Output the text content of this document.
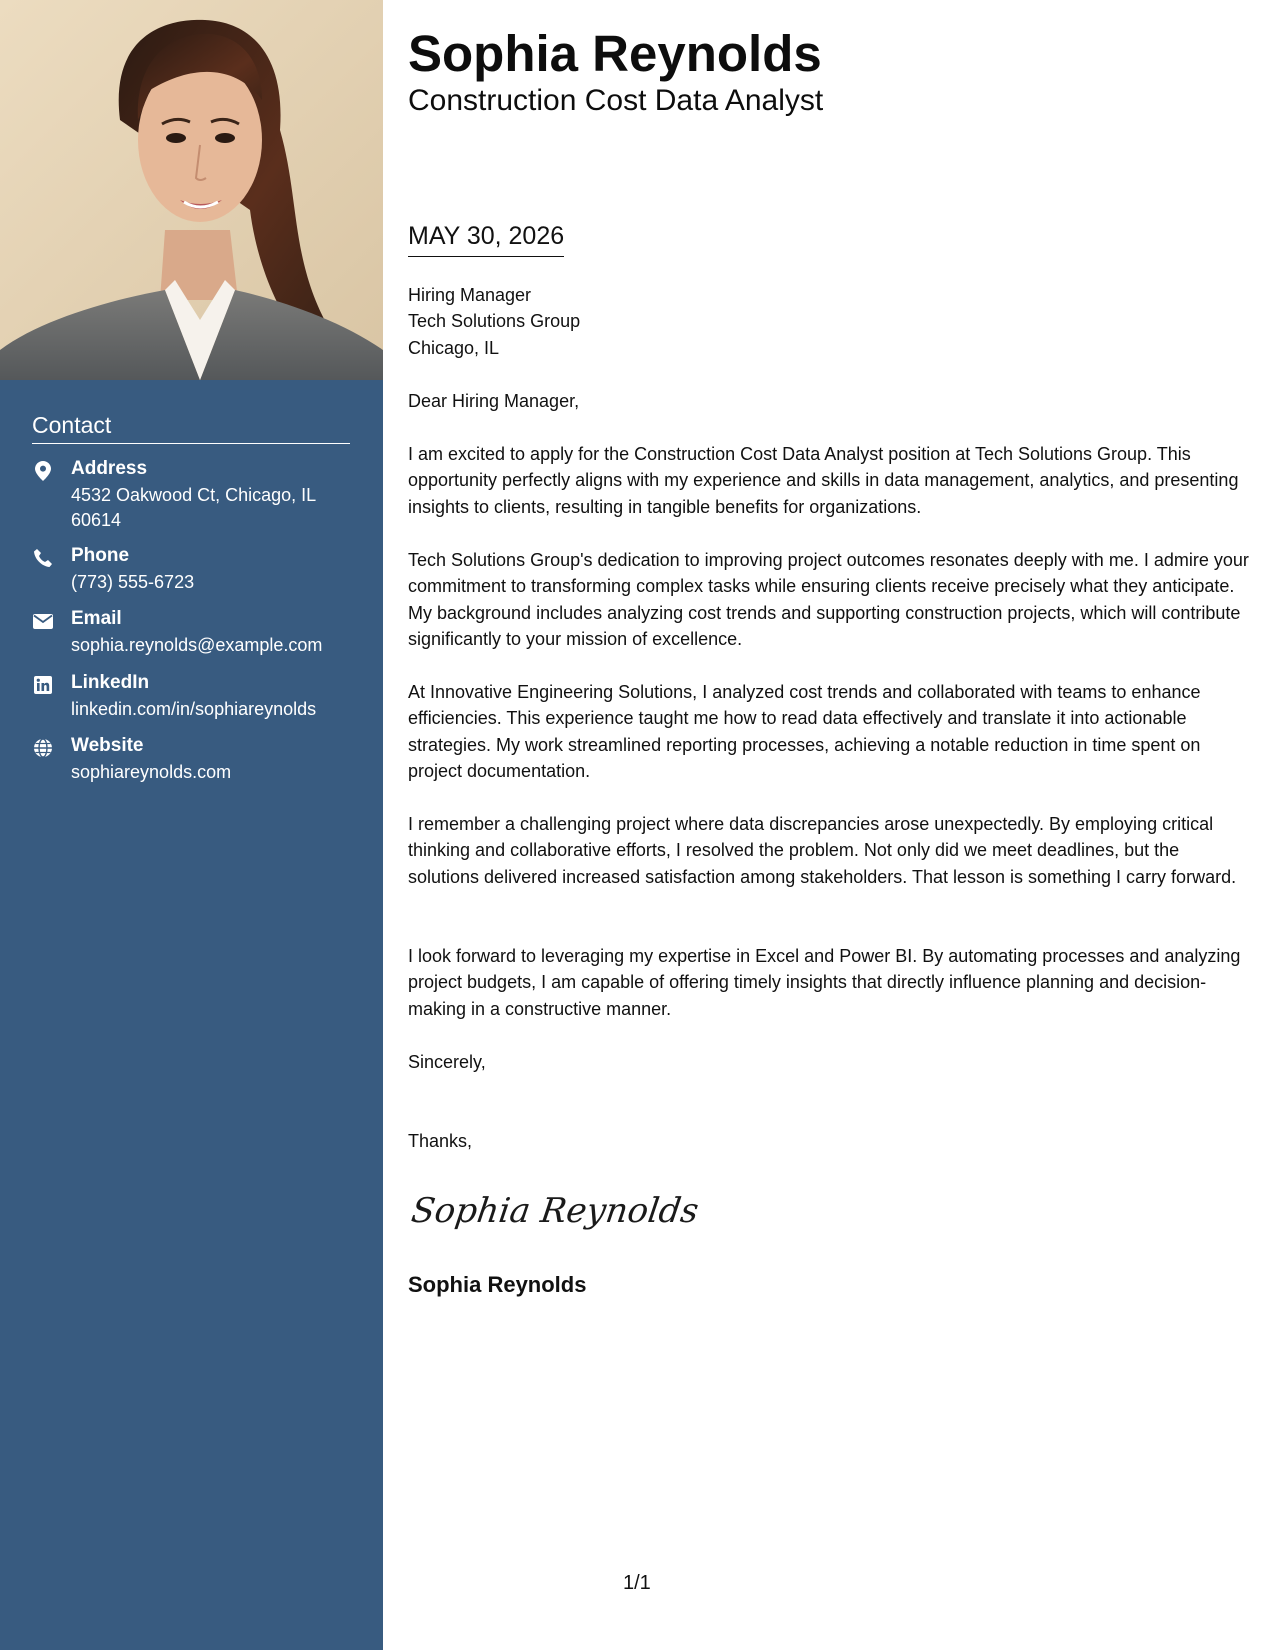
Contact
Address
4532 Oakwood Ct, Chicago, IL 60614
Phone
(773) 555-6723
Email
sophia.reynolds@example.com
LinkedIn
linkedin.com/in/sophiareynolds
Website
sophiareynolds.com
Sophia Reynolds
Construction Cost Data Analyst
MAY 30, 2026
Hiring Manager
Tech Solutions Group
Chicago, IL
Dear Hiring Manager,

I am excited to apply for the Construction Cost Data Analyst position at Tech Solutions Group. This opportunity perfectly aligns with my experience and skills in data management, analytics, and presenting insights to clients, resulting in tangible benefits for organizations.

Tech Solutions Group's dedication to improving project outcomes resonates deeply with me. I admire your commitment to transforming complex tasks while ensuring clients receive precisely what they anticipate. My background includes analyzing cost trends and supporting construction projects, which will contribute significantly to your mission of excellence.

At Innovative Engineering Solutions, I analyzed cost trends and collaborated with teams to enhance efficiencies. This experience taught me how to read data effectively and translate it into actionable strategies. My work streamlined reporting processes, achieving a notable reduction in time spent on project documentation.

I remember a challenging project where data discrepancies arose unexpectedly. By employing critical thinking and collaborative efforts, I resolved the problem. Not only did we meet deadlines, but the solutions delivered increased satisfaction among stakeholders. That lesson is something I carry forward.

I look forward to leveraging my expertise in Excel and Power BI. By automating processes and analyzing project budgets, I am capable of offering timely insights that directly influence planning and decision-making in a constructive manner.

Sincerely,
Thanks,
Sophia Reynolds
Sophia Reynolds
1/1
